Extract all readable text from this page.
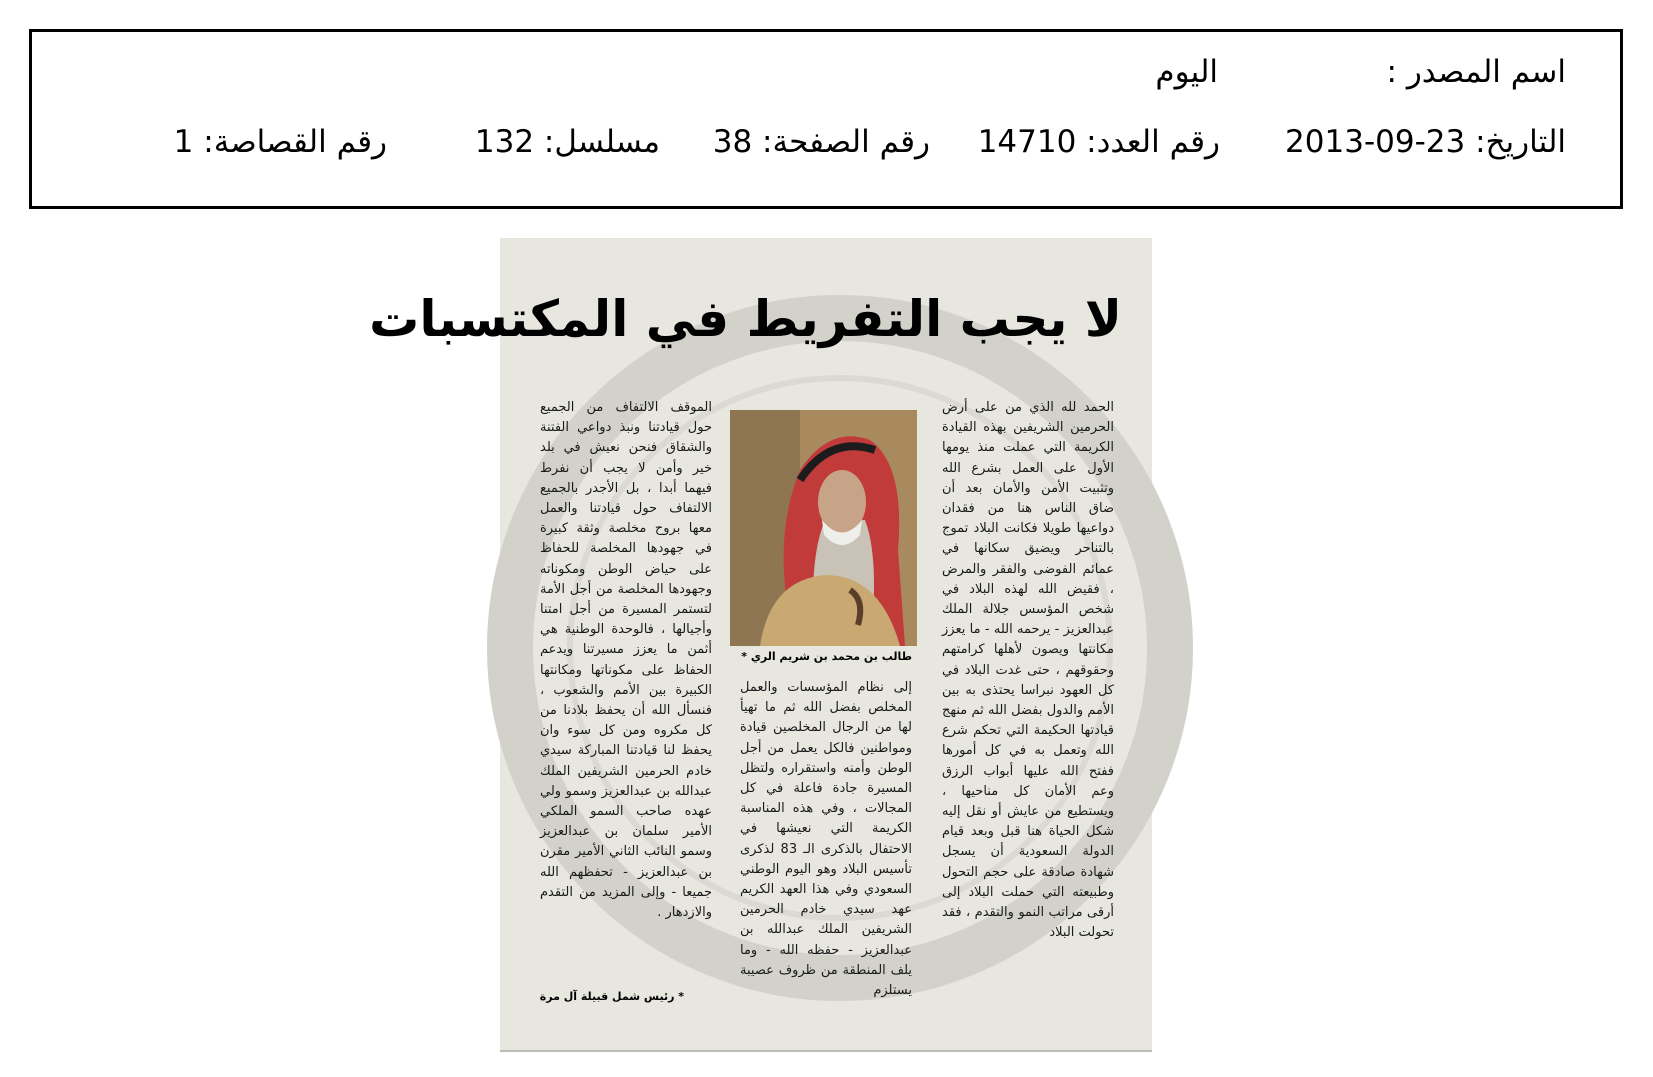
اسم المصدر :
اليوم
التاريخ: 23-09-2013
رقم العدد: 14710
رقم الصفحة: 38
مسلسل: 132
رقم القصاصة: 1
لا يجب التفريط في المكتسبات
الحمد لله الذي من على أرض الحرمين الشريفين بهذه القيادة الكريمة التي عملت منذ يومها الأول على العمل بشرع الله وتثبيت الأمن والأمان بعد أن ضاق الناس هنا من فقدان دواعيها طويلا فكانت البلاد تموج بالتناحر ويضيق سكانها في عمائم الفوضى والفقر والمرض ، فقيض الله لهذه البلاد في شخص المؤسس جلالة الملك عبدالعزيز - يرحمه الله - ما يعزز مكانتها ويصون لأهلها كرامتهم وحقوقهم ، حتى غدت البلاد في كل العهود نبراسا يحتذى به بين الأمم والدول بفضل الله ثم منهج قيادتها الحكيمة التي تحكم شرع الله وتعمل به في كل أمورها ففتح الله عليها أبواب الرزق وعم الأمان كل مناحيها ، ويستطيع من عايش أو نقل إليه شكل الحياة هنا قبل وبعد قيام الدولة السعودية أن يسجل شهادة صادقة على حجم التحول وطبيعته التي حملت البلاد إلى أرقى مراتب النمو والتقدم ، فقد تحولت البلاد
طالب بن محمد بن شريم الري *
إلى نظام المؤسسات والعمل المخلص بفضل الله ثم ما تهيأ لها من الرجال المخلصين قيادة ومواطنين فالكل يعمل من أجل الوطن وأمنه واستقراره ولتظل المسيرة جادة فاعلة في كل المجالات ، وفي هذه المناسبة الكريمة التي نعيشها في الاحتفال بالذكرى الـ 83 لذكرى تأسيس البلاد وهو اليوم الوطني السعودي وفي هذا العهد الكريم عهد سيدي خادم الحرمين الشريفين الملك عبدالله بن عبدالعزيز - حفظه الله - وما يلف المنطقة من ظروف عصيبة يستلزم
الموقف الالتفاف من الجميع حول قيادتنا ونبذ دواعي الفتنة والشقاق فنحن نعيش في بلد خير وأمن لا يجب أن نفرط فيهما أبدا ، بل الأجدر بالجميع الالتفاف حول قيادتنا والعمل معها بروح مخلصة وثقة كبيرة في جهودها المخلصة للحفاظ على حياض الوطن ومكوناته وجهودها المخلصة من أجل الأمة لتستمر المسيرة من أجل امتنا وأجيالها ، فالوحدة الوطنية هي أثمن ما يعزز مسيرتنا ويدعم الحفاظ على مكوناتها ومكانتها الكبيرة بين الأمم والشعوب ، فنسأل الله أن يحفظ بلادنا من كل مكروه ومن كل سوء وان يحفظ لنا قيادتنا المباركة سيدي خادم الحرمين الشريفين الملك عبدالله بن عبدالعزيز وسمو ولي عهده صاحب السمو الملكي الأمير سلمان بن عبدالعزيز وسمو النائب الثاني الأمير مقرن بن عبدالعزيز - تحفظهم الله جميعا - وإلى المزيد من التقدم والازدهار .
* رئيس شمل قبيلة آل مرة
